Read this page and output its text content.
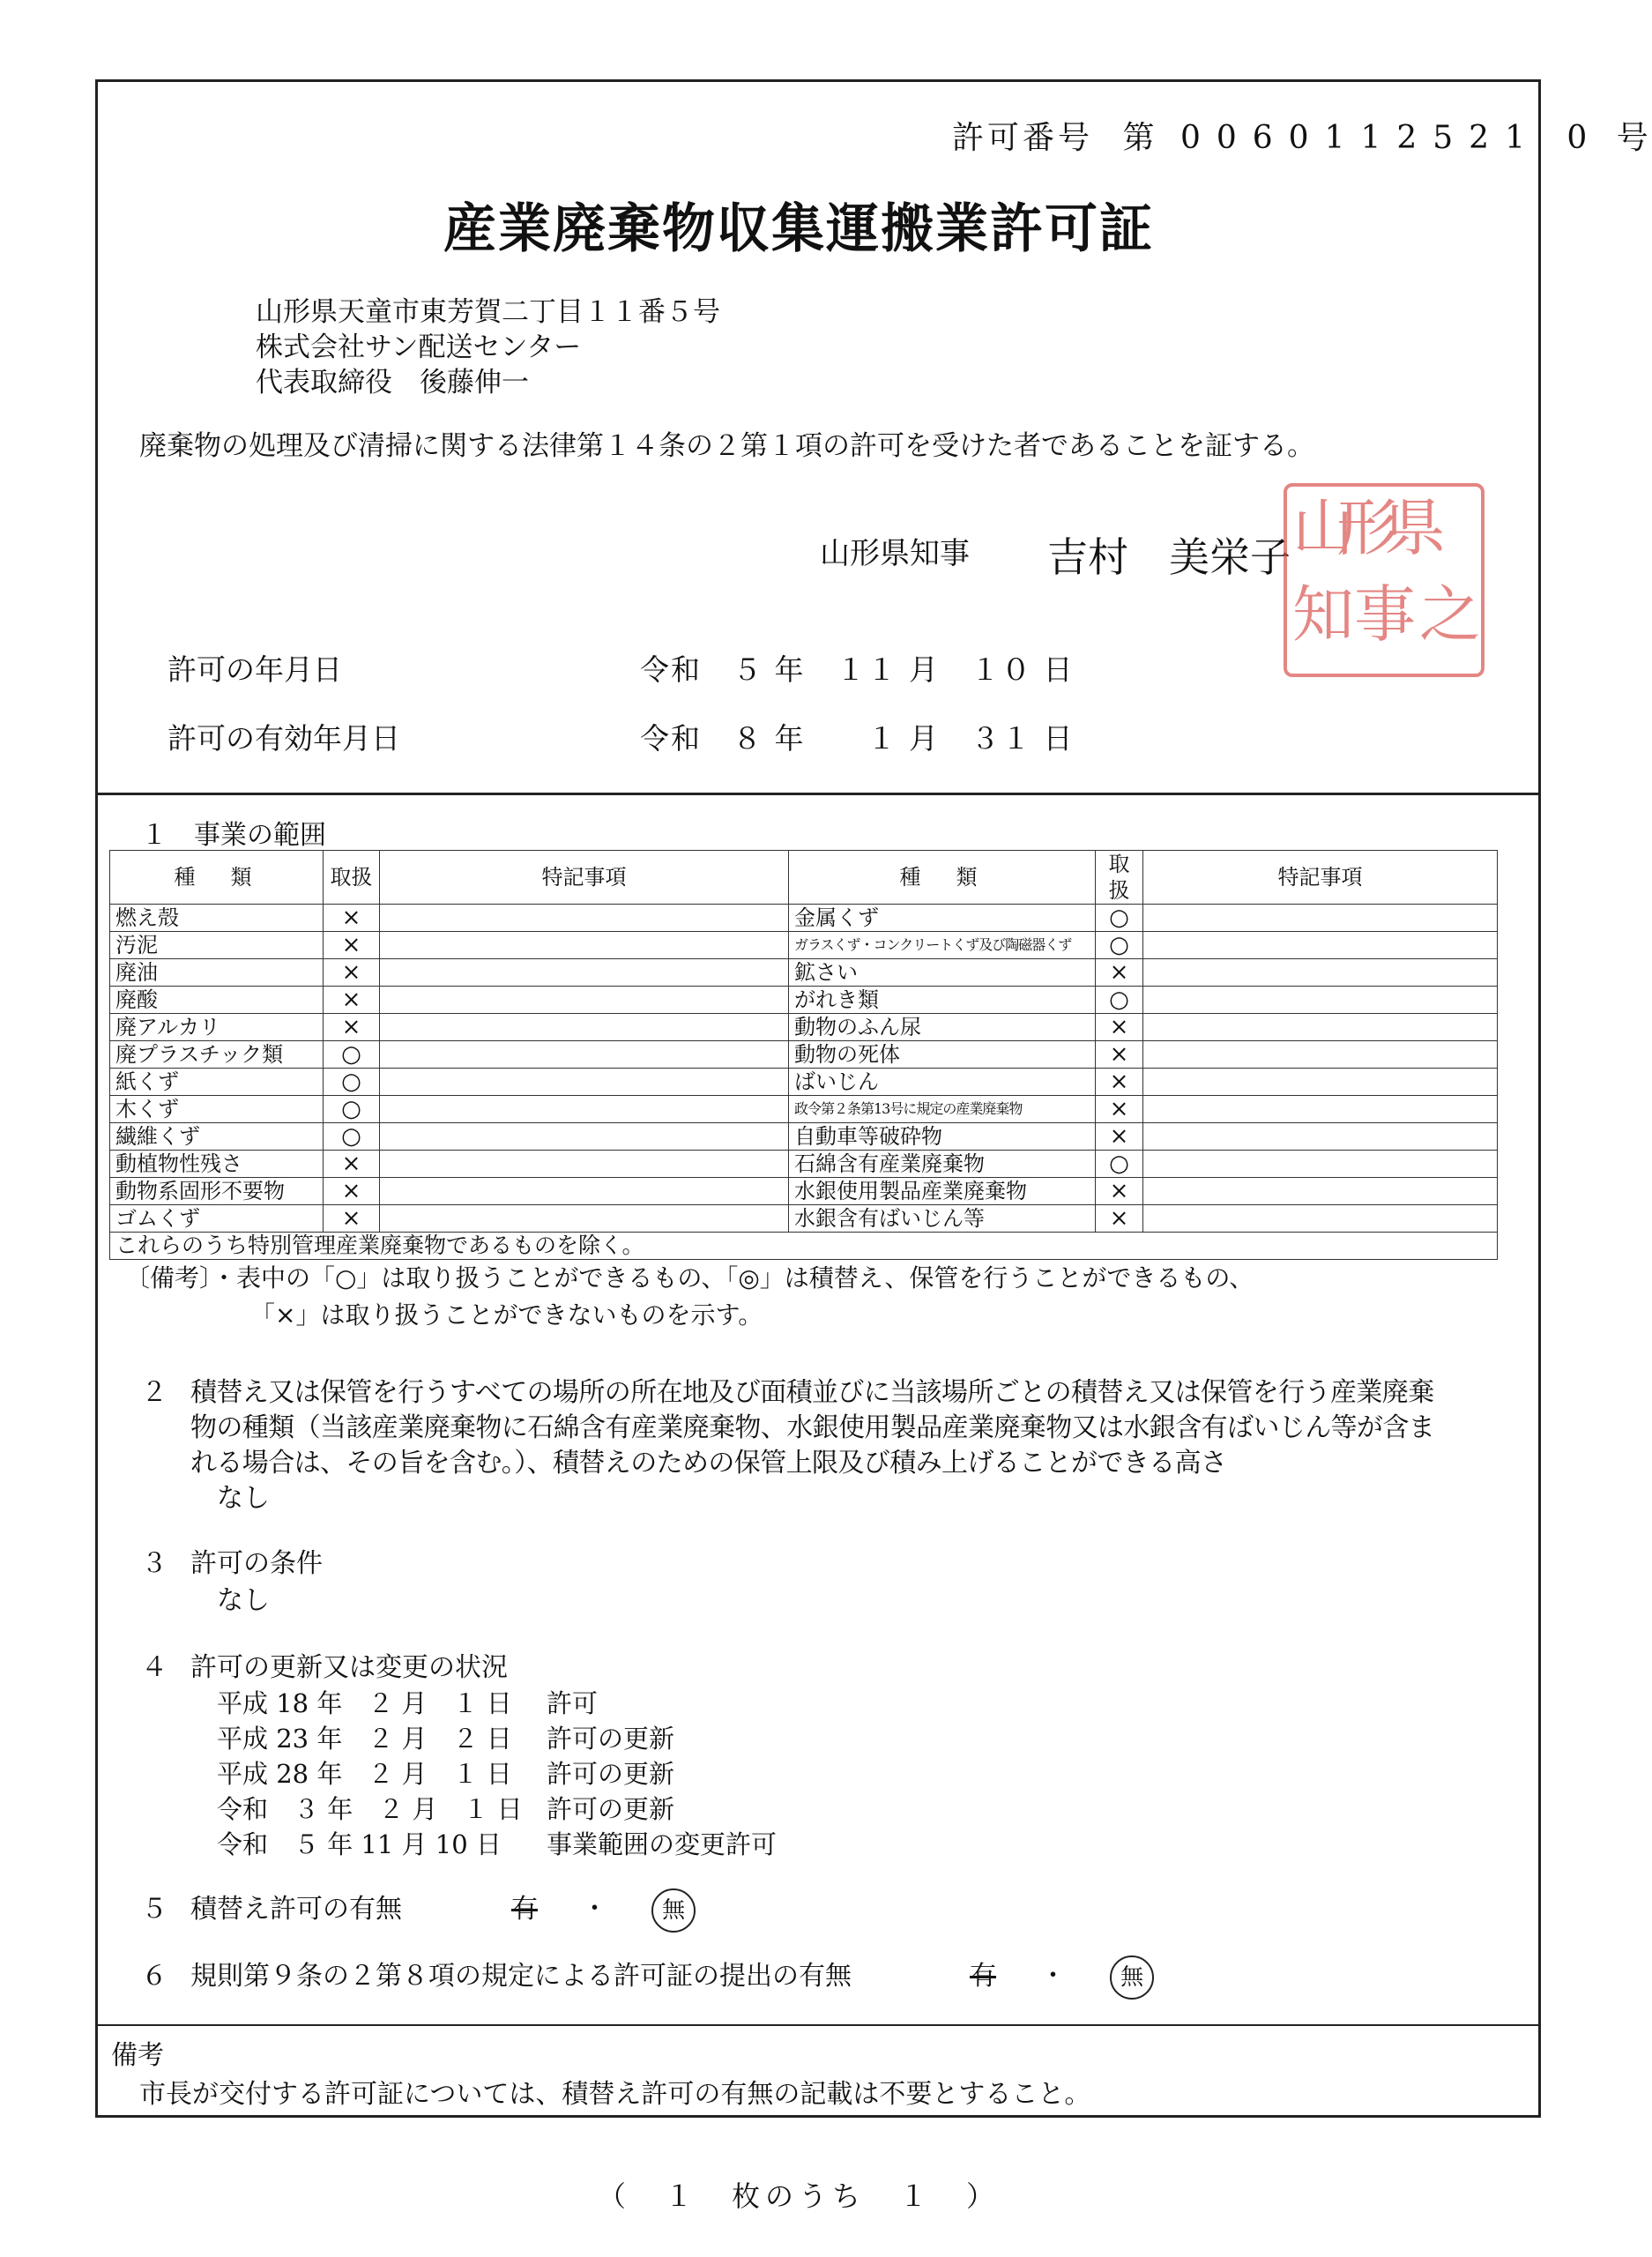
許可番号 第 0060112521 0 号
産業廃棄物収集運搬業許可証
山形県天童市東芳賀二丁目１１番５号
株式会社サン配送センター
代表取締役　後藤伸一
廃棄物の処理及び清掃に関する法律第１４条の２第１項の許可を受けた者であることを証する。
山形県知事 吉村　美栄子 県
形
山
之
事
知
許可の年月日	令和　５ 年　１１ 月　１０ 日
許可の有効年月日	令和　８ 年　　１ 月　３１ 日
１　事業の範囲
種　類	取扱	特記事項	種　類	取扱	特記事項
燃え殻	×		金属くず	○	
汚泥	×		ガラスくず・コンクリートくず及び陶磁器くず	○	
廃油	×		鉱さい	×	
廃酸	×		がれき類	○	
廃アルカリ	×		動物のふん尿	×	
廃プラスチック類	○		動物の死体	×	
紙くず	○		ばいじん	×	
木くず	○		政令第２条第13号に規定の産業廃棄物	×	
繊維くず	○		自動車等破砕物	×	
動植物性残さ	×		石綿含有産業廃棄物	○	
動物系固形不要物	×		水銀使用製品産業廃棄物	×	
ゴムくず	×		水銀含有ばいじん等	×	
これらのうち特別管理産業廃棄物であるものを除く。					
〔備考〕・表中の「○」は取り扱うことができるもの、「◎」は積替え、保管を行うことができるもの、
「×」は取り扱うことができないものを示す。
２ 積替え又は保管を行うすべての場所の所在地及び面積並びに当該場所ごとの積替え又は保管を行う産業廃棄
物の種類（当該産業廃棄物に石綿含有産業廃棄物、水銀使用製品産業廃棄物又は水銀含有ばいじん等が含ま
れる場合は、その旨を含む。）、積替えのための保管上限及び積み上げることができる高さ
なし
３ 許可の条件
なし
４ 許可の更新又は変更の状況
平成 18 年　２ 月　１ 日 許可
平成 23 年　２ 月　２ 日 許可の更新
平成 28 年　２ 月　１ 日 許可の更新
令和　３ 年　２ 月　１ 日 許可の更新
令和　５ 年 11 月 10 日 事業範囲の変更許可
５ 積替え許可の有無	有 ・ 無
６ 規則第９条の２第８項の規定による許可証の提出の有無	有 ・ 無
備考
市長が交付する許可証については、積替え許可の有無の記載は不要とすること。
（　１　枚のうち　１　）
